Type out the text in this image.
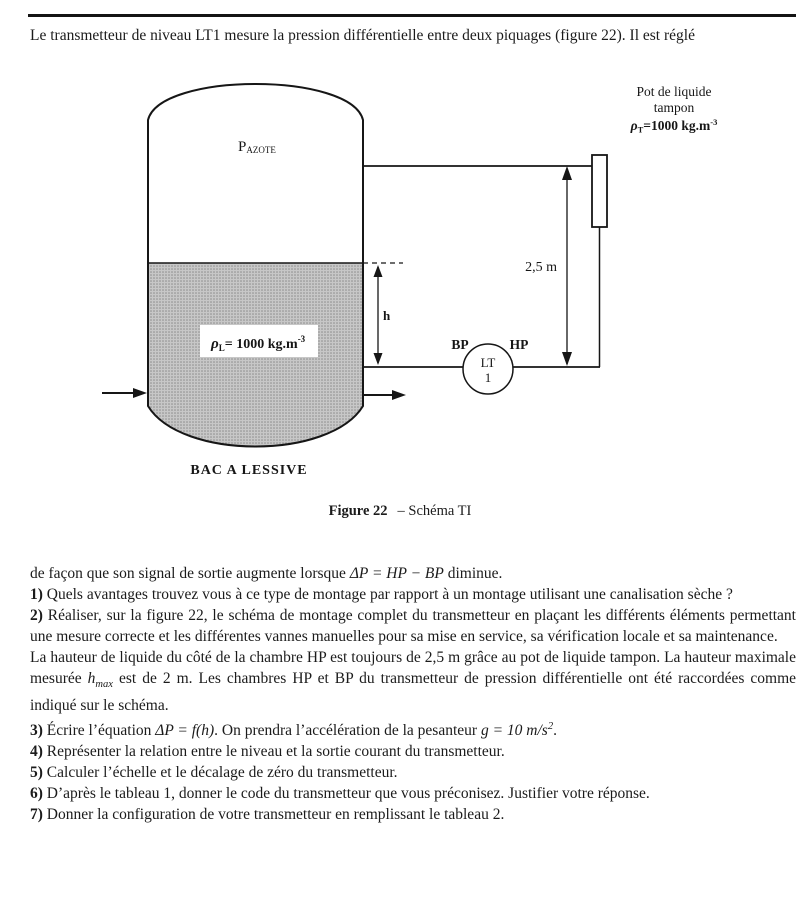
Le transmetteur de niveau LT1 mesure la pression différentielle entre deux piquages (figure 22). Il est réglé
PAZOTE
$\rho_L= 1000$ $kg.m^{-3}$
BAC A LESSIVE
Pot de liquide
tampon
ρT=1000 $kg.m^{-3}$
2,5 m
h
BP	HP
LT
1
Figure 22 – Schéma TI

de façon que son signal de sortie augmente lorsque ΔP = HP − BP diminue.

1) Quels avantages trouvez vous à ce type de montage par rapport à un montage utilisant une canalisation sèche ?

2) Réaliser, sur la figure 22, le schéma de montage complet du transmetteur en plaçant les différents éléments permettant une mesure correcte et les différentes vannes manuelles pour sa mise en service, sa vérification locale et sa maintenance.

La hauteur de liquide du côté de la chambre HP est toujours de 2,5 m grâce au pot de liquide tampon. La hauteur maximale mesurée $h_{max}$ est de 2 m. Les chambres HP et BP du transmetteur de pression différentielle ont été raccordées comme indiqué sur le schéma.

3) Écrire l’équation ΔP = f(h). On prendra l’accélération de la pesanteur g = 10 $m/s^2$.

4) Représenter la relation entre le niveau et la sortie courant du transmetteur.

5) Calculer l’échelle et le décalage de zéro du transmetteur.

6) D’après le tableau 1, donner le code du transmetteur que vous préconisez. Justifier votre réponse.

7) Donner la configuration de votre transmetteur en remplissant le tableau 2.
